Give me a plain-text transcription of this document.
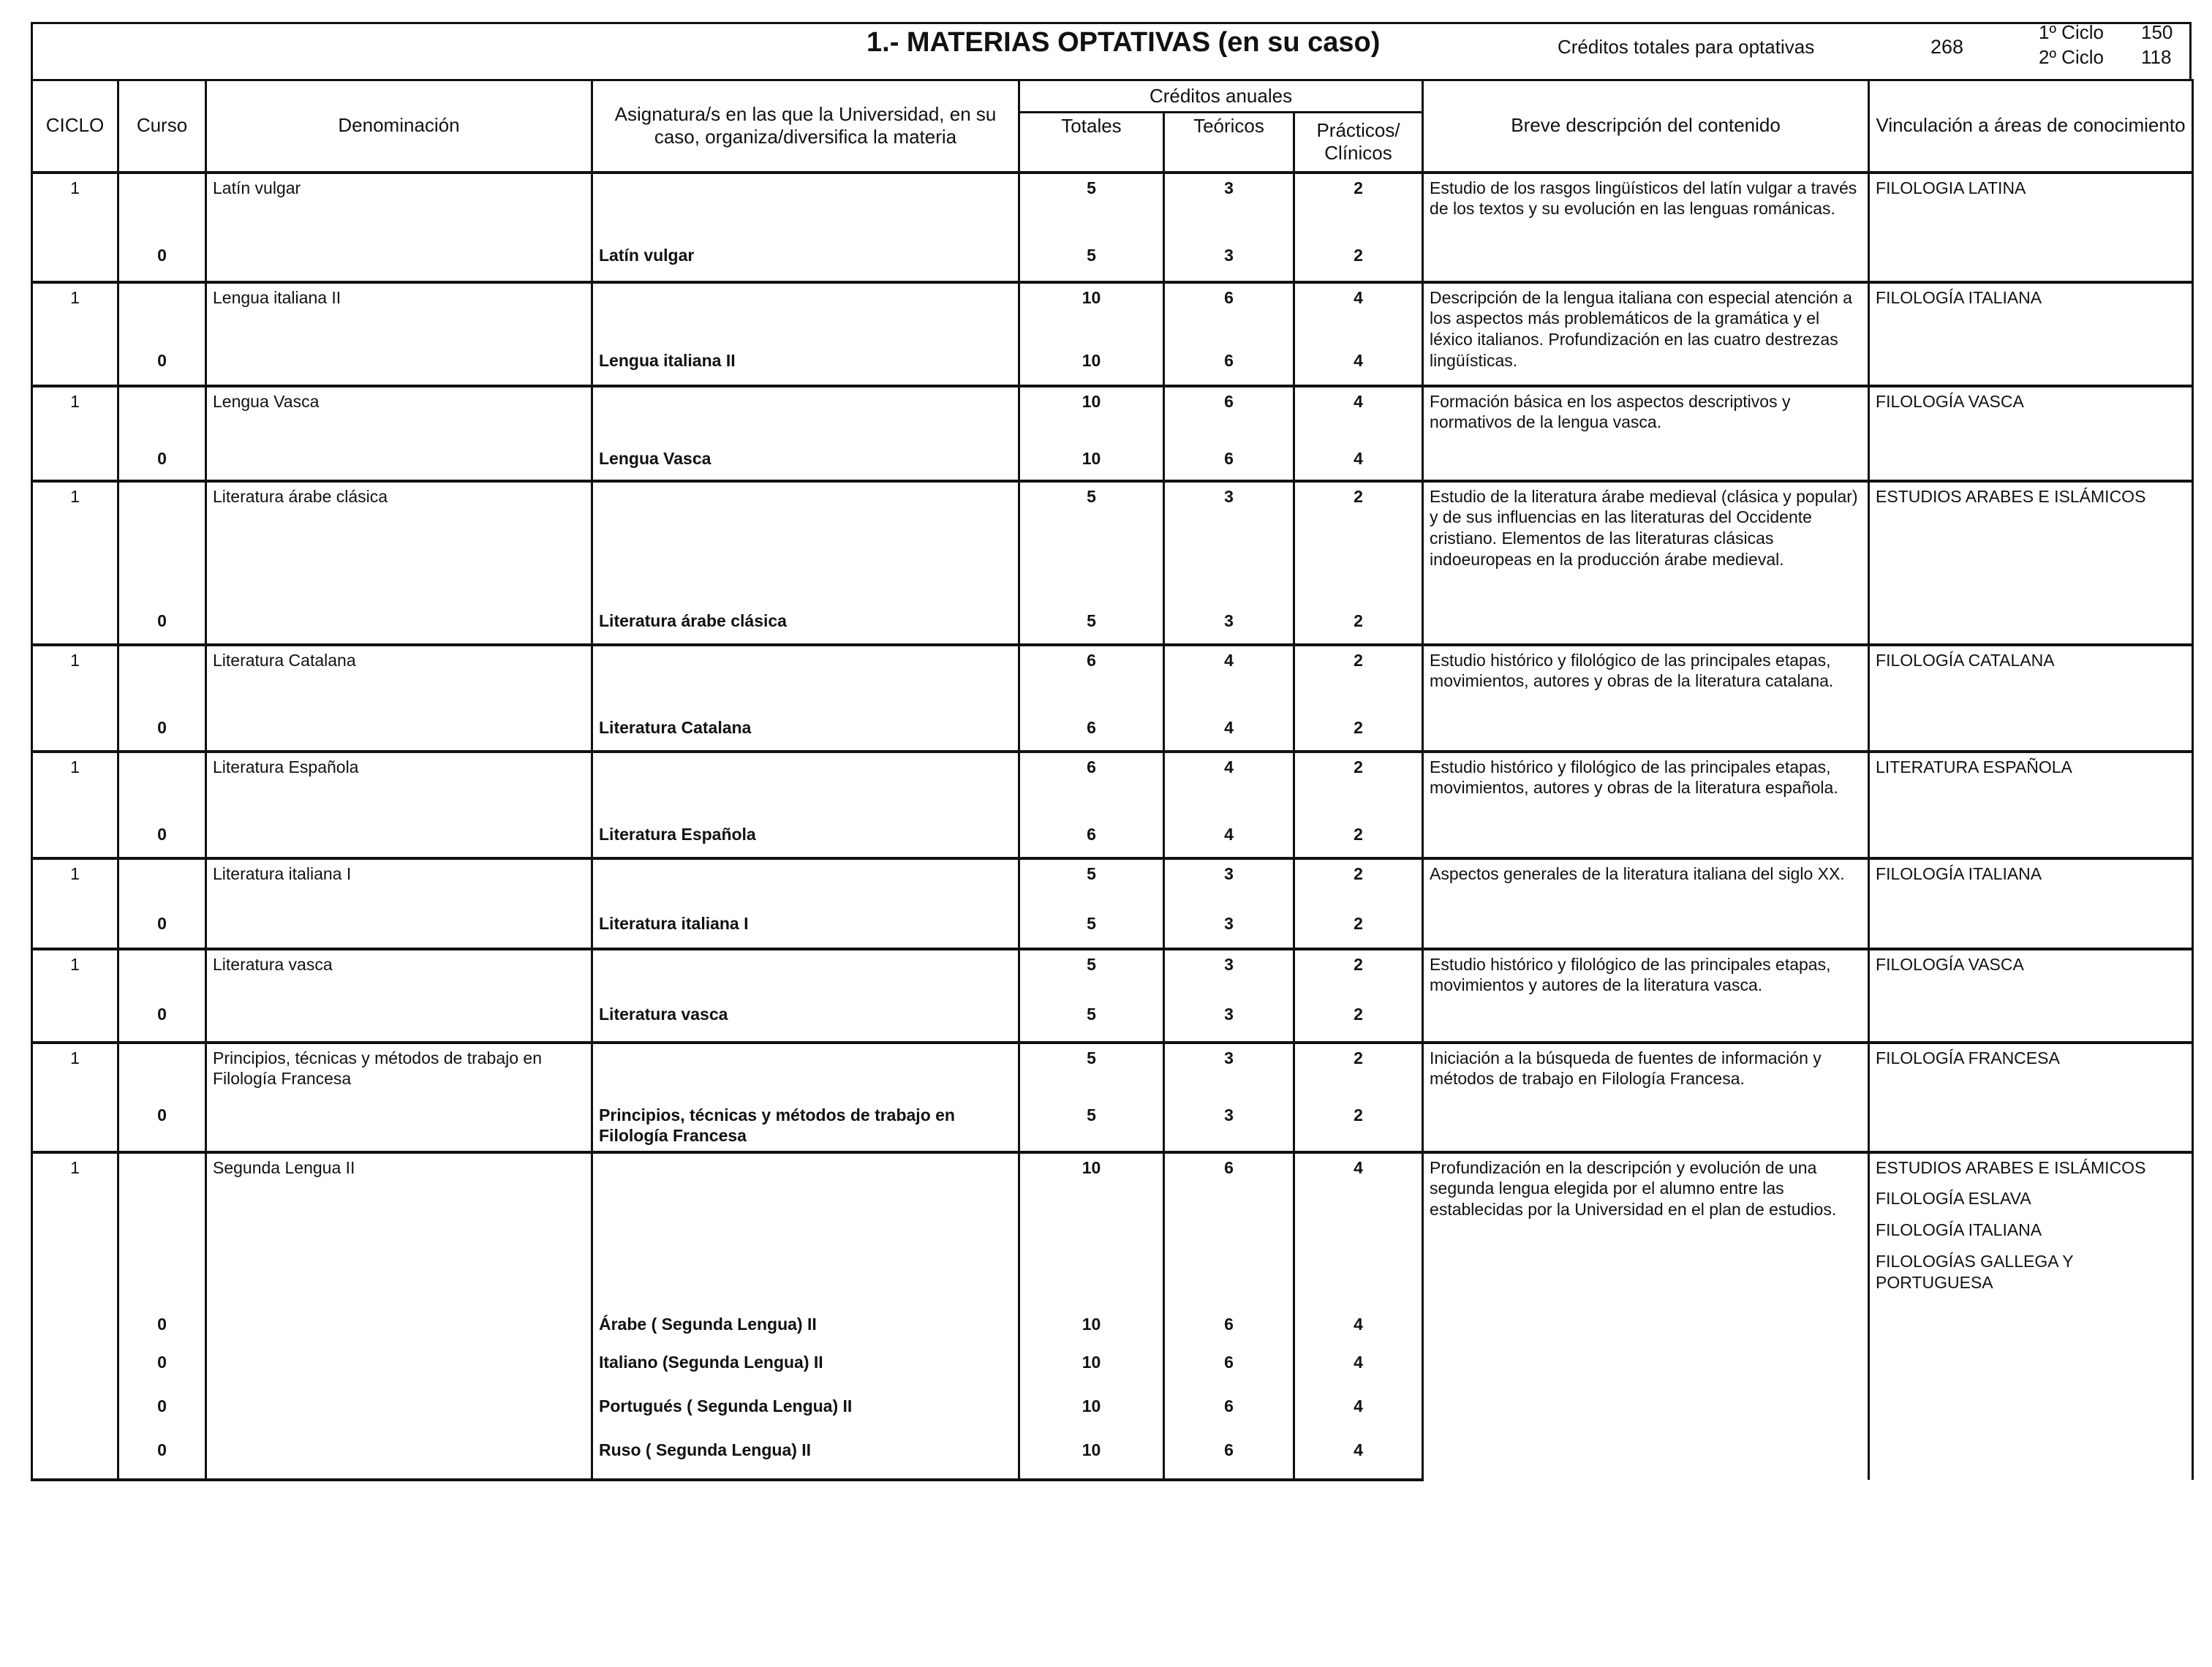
1.- MATERIAS OPTATIVAS (en su caso)	Créditos totales para optativas	268
1º Ciclo 150
2º Ciclo 118
CICLO	Curso	Denominación	Asignatura/s en las que la Universidad, en su caso, organiza/diversifica la materia	Créditos anuales			Breve descripción del contenido	Vinculación a áreas de conocimiento
				Totales	Teóricos	Prácticos/ Clínicos		
1		Latín vulgar		5	3	2	Estudio de los rasgos lingüísticos del latín vulgar a través de los textos y su evolución en las lenguas románicas.	FILOLOGIA LATINA

	0		Latín vulgar	5	3	2		
1		Lengua italiana II		10	6	4	Descripción de la lengua italiana con especial atención a los aspectos más problemáticos de la gramática y el léxico italianos. Profundización en las cuatro destrezas lingüísticas.	FILOLOGÍA ITALIANA

	0		Lengua italiana II	10	6	4		
1		Lengua Vasca		10	6	4	Formación básica en los aspectos descriptivos y normativos de la lengua vasca.	FILOLOGÍA VASCA

	0		Lengua Vasca	10	6	4		
1		Literatura árabe clásica		5	3	2	Estudio de la literatura árabe medieval (clásica y popular) y de sus influencias en las literaturas del Occidente cristiano. Elementos de las literaturas clásicas indoeuropeas en la producción árabe medieval.	ESTUDIOS ARABES E ISLÁMICOS

	0		Literatura árabe clásica	5	3	2		
1		Literatura Catalana		6	4	2	Estudio histórico y filológico de las principales etapas, movimientos, autores y obras de la literatura catalana.	FILOLOGÍA CATALANA

	0		Literatura Catalana	6	4	2		
1		Literatura Española		6	4	2	Estudio histórico y filológico de las principales etapas, movimientos, autores y obras de la literatura española.	LITERATURA ESPAÑOLA

	0		Literatura Española	6	4	2		
1		Literatura italiana I		5	3	2	Aspectos generales de la literatura italiana del siglo XX.	FILOLOGÍA ITALIANA

	0		Literatura italiana I	5	3	2		
1		Literatura vasca		5	3	2	Estudio histórico y filológico de las principales etapas, movimientos y autores de la literatura vasca.	FILOLOGÍA VASCA

	0		Literatura vasca	5	3	2		
1		Principios, técnicas y métodos de trabajo en Filología Francesa		5	3	2	Iniciación a la búsqueda de fuentes de información y métodos de trabajo en Filología Francesa.	FILOLOGÍA FRANCESA

	0		Principios, técnicas y métodos de trabajo en Filología Francesa	5	3	2		
1		Segunda Lengua II		10	6	4	Profundización en la descripción y evolución de una segunda lengua elegida por el alumno entre las establecidas por la Universidad en el plan de estudios.	ESTUDIOS ARABES E ISLÁMICOS
FILOLOGÍA ESLAVA
FILOLOGÍA ITALIANA
FILOLOGÍAS GALLEGA Y PORTUGUESA

	0		Árabe ( Segunda Lengua) II	10	6	4		
	0		Italiano (Segunda Lengua) II	10	6	4		
	0		Portugués ( Segunda Lengua) II	10	6	4		
	0		Ruso ( Segunda Lengua) II	10	6	4		
